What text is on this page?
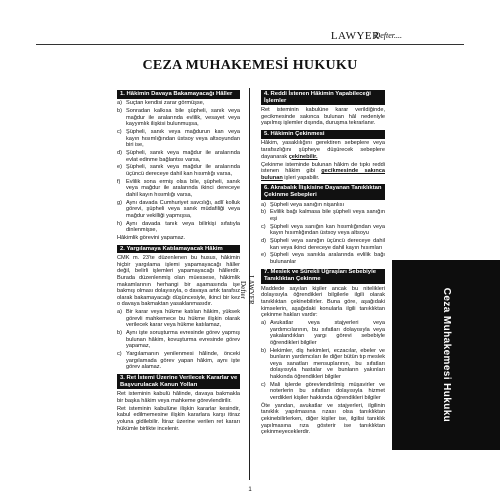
LAWYER
Defter....
CEZA MUHAKEMESİ HUKUKU
1. Hâkimin Davaya Bakamayacağı Hâller
a) Suçtan kendisi zarar görmüşse,
b) Sonradan kalkısa bile şüpheli, sanık veya mağdur ile aralarında evlilik, vesayet veya kayyımlık ilişkisi bulunmuşsa,
c) Şüpheli, sanık veya mağdurun kan veya kayın hısımlığından üstsoy veya altsoyundan biri ise,
d) Şüpheli, sanık veya mağdur ile aralarında evlat edinme bağlantısı varsa,
e) Şüpheli, sanık veya mağdur ile aralarında üçüncü dereceye dahil kan hısımlığı varsa,
f) Evlilik sona ermiş olsa bile, şüpheli, sanık veya mağdur ile aralarında ikinci dereceye dahil kayın hısımlığı varsa,
g) Aynı davada Cumhuriyet savcılığı, adlî kolluk görevi, şüpheli veya sanık müdafiliği veya mağdur vekilliği yapmışsa,
h) Aynı davada tanık veya bilirkişi sıfatıyla dinlenmişse,

Hâkimlik görevini yapamaz.

2. Yargılamaya Katılamayacak Hâkim

CMK m. 23'te düzenlenen bu husus, hâkimin hiçbir yargılama işlemi yapamayacağı hâller değil, belirli işlemleri yapamayacağı hâllerdir. Burada düzenlenmiş olan müessese, hâkimlik makamlarının herhangi bir aşamasında işe bakmış olması dolayısıyla, o davaya artık tarafsız olarak bakamayacağı düşüncesiyle, ikinci bir kez o davaya bakmaktan yasaklanmasıdır.

a) Bir karar veya hükme katılan hâkim, yüksek görevli mahkemece bu hükme ilişkin olarak verilecek karar veya hükme katılamaz,
b) Aynı işte soruşturma evresinde görev yapmış bulunan hâkim, kovuşturma evresinde görev yapamaz,
c) Yargılamanın yenilenmesi hâlinde, önceki yargılamada görev yapan hâkim, aynı işte görev alamaz.
3. Ret İstemi Üzerine Verilecek Kararlar ve Başvurulacak Kanun Yolları

Ret isteminin kabulü hâlinde, davaya bakmakla bir başka hâkim veya mahkeme görevlendirilir.

Ret isteminin kabulüne ilişkin kararlar kesindir, kabul edilmemesine ilişkin kararlara karşı itiraz yoluna gidilebilir. İtiraz üzerine verilen ret kararı hükümle birlikte incelenir.

LAWYER Defter
4. Reddi İstenen Hâkimin Yapabileceği İşlemler

Ret isteminin kabulüne karar verildiğinde, gecikmesinde sakınca bulunan hâl nedeniyle yapılmış işlemler dışında, duruşma tekrarlanır.

5. Hâkimin Çekinmesi

Hâkim, yasaklılığını gerektiren sebeplere veya tarafsızlığını şüpheye düşürecek sebeplere dayanarak çekinebilir.

Çekinme isteminde bulunan hâkim de tıpkı reddi istenen hâkim gibi gecikmesinde sakınca bulunan işleri yapabilir.

6. Akrabalık İlişkisine Dayanan Tanıklıktan Çekinme Sebepleri
a) Şüpheli veya sanığın nişanlısı
b) Evlilik bağı kalmasa bile şüpheli veya sanığın eşi
c) Şüpheli veya sanığın kan hısımlığından veya kayın hısımlığından üstsoy veya altsoyu
d) Şüpheli veya sanığın üçüncü dereceye dahil kan veya ikinci dereceye dahil kayın hısımları
e) Şüpheli veya sanıkla aralarında evlilik bağı bulunanlar
7. Meslek ve Sürekli Uğraşları Sebebiyle Tanıklıktan Çekinme

Maddede sayılan kişiler ancak bu nitelikleri dolayısıyla öğrendikleri bilgilerle ilgili olarak tanıklıktan çekinebilirler. Buna göre, aşağıdaki kimselerin, aşağıdaki konularla ilgili tanıklıktan çekinme hakları vardır:

a) Avukatlar veya stajyerleri veya yardımcılarının, bu sıfatları dolayısıyla veya yakalandıkları yargı görevi sebebiyle öğrendikleri bilgiler
b) Hekimler, diş hekimleri, eczacılar, ebeler ve bunların yardımcıları ile diğer bütün tıp meslek veya sanatları mensuplarının, bu sıfatları dolayısıyla hastalar ve bunların yakınları hakkında öğrendikleri bilgiler
c) Mali işlerde görevlendirilmiş müşavirler ve noterlerin bu sıfatları dolayısıyla hizmet verdikleri kişiler hakkında öğrendikleri bilgiler

Öte yandan, avukatlar ve stajyerleri, ilgilinin tanıklık yapılmasına rızası olsa tanıklıktan çekinebilirlerken, diğer kişiler ise, ilgilisi tanıklık yapılmasına rıza gösterir ise tanıklıktan çekinmeyeceklerdir.

Ceza Muhakemesi Hukuku
1
